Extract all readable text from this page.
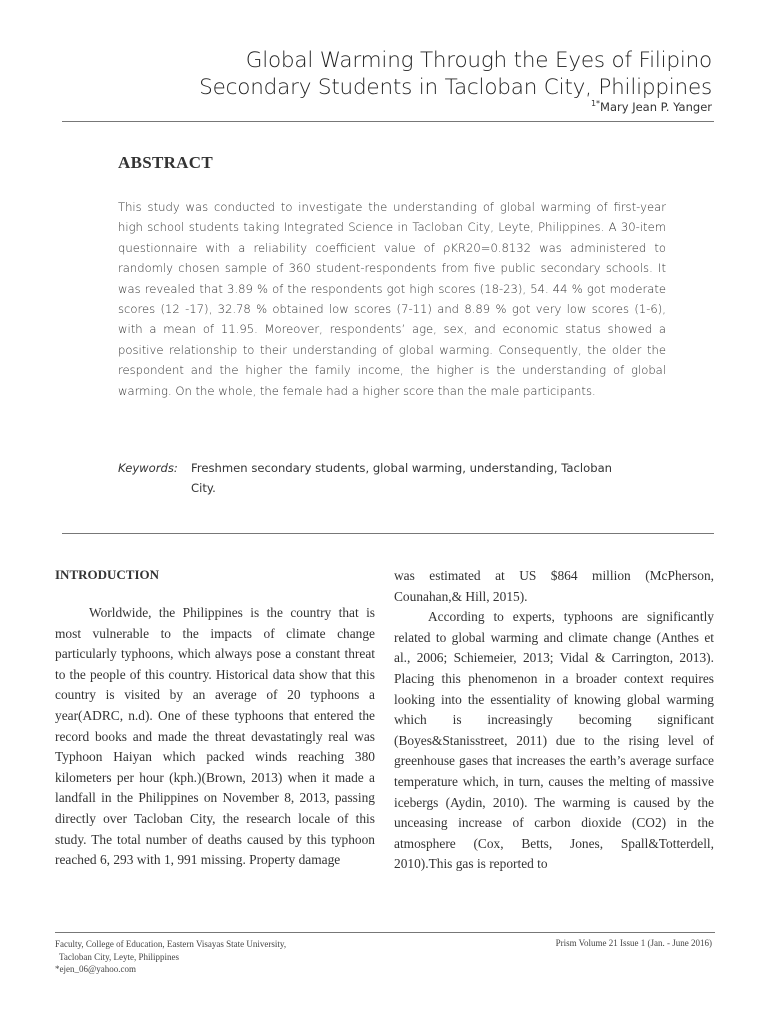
Global Warming Through the Eyes of Filipino
Secondary Students in Tacloban City, Philippines
$^{1*}$Mary Jean P. Yanger
ABSTRACT
This study was conducted to investigate the understanding of global warming of first-year high school students taking Integrated Science in Tacloban City, Leyte, Philippines. A 30-item questionnaire with a reliability coefficient value of ρKR20=0.8132 was administered to randomly chosen sample of 360 student-respondents from five public secondary schools. It was revealed that 3.89 % of the respondents got high scores (18-23), 54. 44 % got moderate scores (12 -17), 32.78 % obtained low scores (7-11) and 8.89 % got very low scores (1-6), with a mean of 11.95. Moreover, respondents’ age, sex, and economic status showed a positive relationship to their understanding of global warming. Consequently, the older the respondent and the higher the family income, the higher is the understanding of global warming. On the whole, the female had a higher score than the male participants.
Keywords: Freshmen secondary students, global warming, understanding, Tacloban
City.
INTRODUCTION

Worldwide, the Philippines is the country that is most vulnerable to the impacts of climate change particularly typhoons, which always pose a constant threat to the people of this country. Historical data show that this country is visited by an average of 20 typhoons a year(ADRC, n.d). One of these typhoons that entered the record books and made the threat devastatingly real was Typhoon Haiyan which packed winds reaching 380 kilometers per hour (kph.)(Brown, 2013) when it made a landfall in the Philippines on November 8, 2013, passing directly over Tacloban City, the research locale of this study. The total number of deaths caused by this typhoon reached 6, 293 with 1, 991 missing. Property damage

was estimated at US $864 million (McPherson, Counahan,& Hill, 2015).

According to experts, typhoons are significantly related to global warming and climate change (Anthes et al., 2006; Schiemeier, 2013; Vidal & Carrington, 2013). Placing this phenomenon in a broader context requires looking into the essentiality of knowing global warming which is increasingly becoming significant (Boyes&Stanisstreet, 2011) due to the rising level of greenhouse gases that increases the earth’s average surface temperature which, in turn, causes the melting of massive icebergs (Aydin, 2010). The warming is caused by the unceasing increase of carbon dioxide (CO2) in the atmosphere (Cox, Betts, Jones, Spall&Totterdell, 2010).This gas is reported to

Faculty, College of Education, Eastern Visayas State University,
Tacloban City, Leyte, Philippines
*ejen_06@yahoo.com
Prism Volume 21 Issue 1 (Jan. - June 2016)
